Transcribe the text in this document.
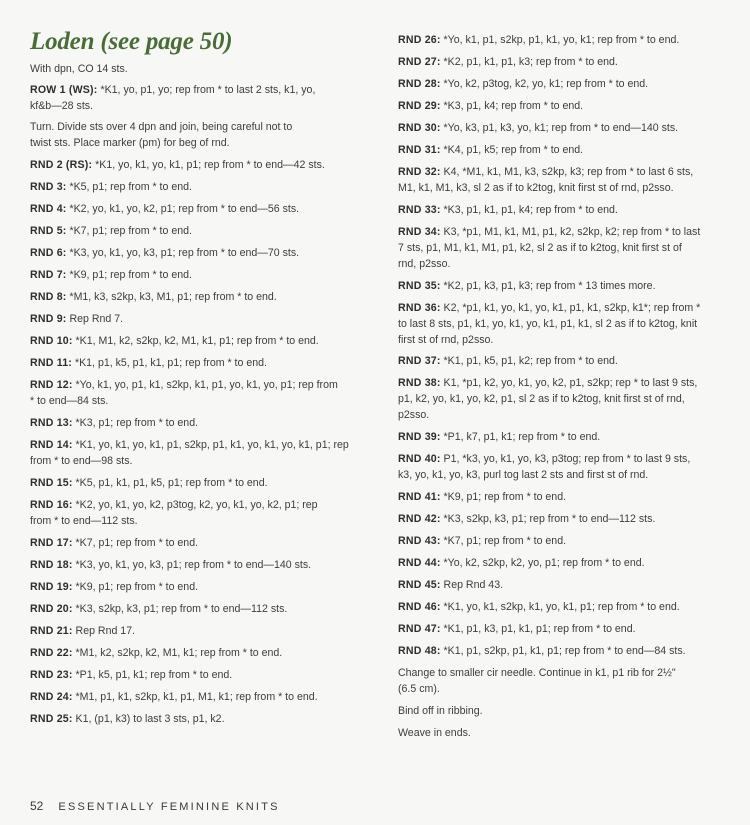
Loden (see page 50)

With dpn, CO 14 sts.

ROW 1 (WS): *K1, yo, p1, yo; rep from * to last 2 sts, k1, yo,

kf&b—28 sts.

Turn. Divide sts over 4 dpn and join, being careful not to

twist sts. Place marker (pm) for beg of rnd.

RND 2 (RS): *K1, yo, k1, yo, k1, p1; rep from * to end—42 sts.

RND 3: *K5, p1; rep from * to end.

RND 4: *K2, yo, k1, yo, k2, p1; rep from * to end—56 sts.

RND 5: *K7, p1; rep from * to end.

RND 6: *K3, yo, k1, yo, k3, p1; rep from * to end—70 sts.

RND 7: *K9, p1; rep from * to end.

RND 8: *M1, k3, s2kp, k3, M1, p1; rep from * to end.

RND 9: Rep Rnd 7.

RND 10: *K1, M1, k2, s2kp, k2, M1, k1, p1; rep from * to end.

RND 11: *K1, p1, k5, p1, k1, p1; rep from * to end.

RND 12: *Yo, k1, yo, p1, k1, s2kp, k1, p1, yo, k1, yo, p1; rep from

* to end—84 sts.

RND 13: *K3, p1; rep from * to end.

RND 14: *K1, yo, k1, yo, k1, p1, s2kp, p1, k1, yo, k1, yo, k1, p1; rep

from * to end—98 sts.

RND 15: *K5, p1, k1, p1, k5, p1; rep from * to end.

RND 16: *K2, yo, k1, yo, k2, p3tog, k2, yo, k1, yo, k2, p1; rep

from * to end—112 sts.

RND 17: *K7, p1; rep from * to end.

RND 18: *K3, yo, k1, yo, k3, p1; rep from * to end—140 sts.

RND 19: *K9, p1; rep from * to end.

RND 20: *K3, s2kp, k3, p1; rep from * to end—112 sts.

RND 21: Rep Rnd 17.

RND 22: *M1, k2, s2kp, k2, M1, k1; rep from * to end.

RND 23: *P1, k5, p1, k1; rep from * to end.

RND 24: *M1, p1, k1, s2kp, k1, p1, M1, k1; rep from * to end.

RND 25: K1, (p1, k3) to last 3 sts, p1, k2.

RND 26: *Yo, k1, p1, s2kp, p1, k1, yo, k1; rep from * to end.

RND 27: *K2, p1, k1, p1, k3; rep from * to end.

RND 28: *Yo, k2, p3tog, k2, yo, k1; rep from * to end.

RND 29: *K3, p1, k4; rep from * to end.

RND 30: *Yo, k3, p1, k3, yo, k1; rep from * to end—140 sts.

RND 31: *K4, p1, k5; rep from * to end.

RND 32: K4, *M1, k1, M1, k3, s2kp, k3; rep from * to last 6 sts,

M1, k1, M1, k3, sl 2 as if to k2tog, knit first st of rnd, p2sso.

RND 33: *K3, p1, k1, p1, k4; rep from * to end.

RND 34: K3, *p1, M1, k1, M1, p1, k2, s2kp, k2; rep from * to last

7 sts, p1, M1, k1, M1, p1, k2, sl 2 as if to k2tog, knit first st of

rnd, p2sso.

RND 35: *K2, p1, k3, p1, k3; rep from * 13 times more.

RND 36: K2, *p1, k1, yo, k1, yo, k1, p1, k1, s2kp, k1*; rep from *

to last 8 sts, p1, k1, yo, k1, yo, k1, p1, k1, sl 2 as if to k2tog, knit

first st of rnd, p2sso.

RND 37: *K1, p1, k5, p1, k2; rep from * to end.

RND 38: K1, *p1, k2, yo, k1, yo, k2, p1, s2kp; rep * to last 9 sts,

p1, k2, yo, k1, yo, k2, p1, sl 2 as if to k2tog, knit first st of rnd,

p2sso.

RND 39: *P1, k7, p1, k1; rep from * to end.

RND 40: P1, *k3, yo, k1, yo, k3, p3tog; rep from * to last 9 sts,

k3, yo, k1, yo, k3, purl tog last 2 sts and first st of rnd.

RND 41: *K9, p1; rep from * to end.

RND 42: *K3, s2kp, k3, p1; rep from * to end—112 sts.

RND 43: *K7, p1; rep from * to end.

RND 44: *Yo, k2, s2kp, k2, yo, p1; rep from * to end.

RND 45: Rep Rnd 43.

RND 46: *K1, yo, k1, s2kp, k1, yo, k1, p1; rep from * to end.

RND 47: *K1, p1, k3, p1, k1, p1; rep from * to end.

RND 48: *K1, p1, s2kp, p1, k1, p1; rep from * to end—84 sts.

Change to smaller cir needle. Continue in k1, p1 rib for 2½"

(6.5 cm).

Bind off in ribbing.

Weave in ends.

52 ESSENTIALLY FEMININE KNITS
